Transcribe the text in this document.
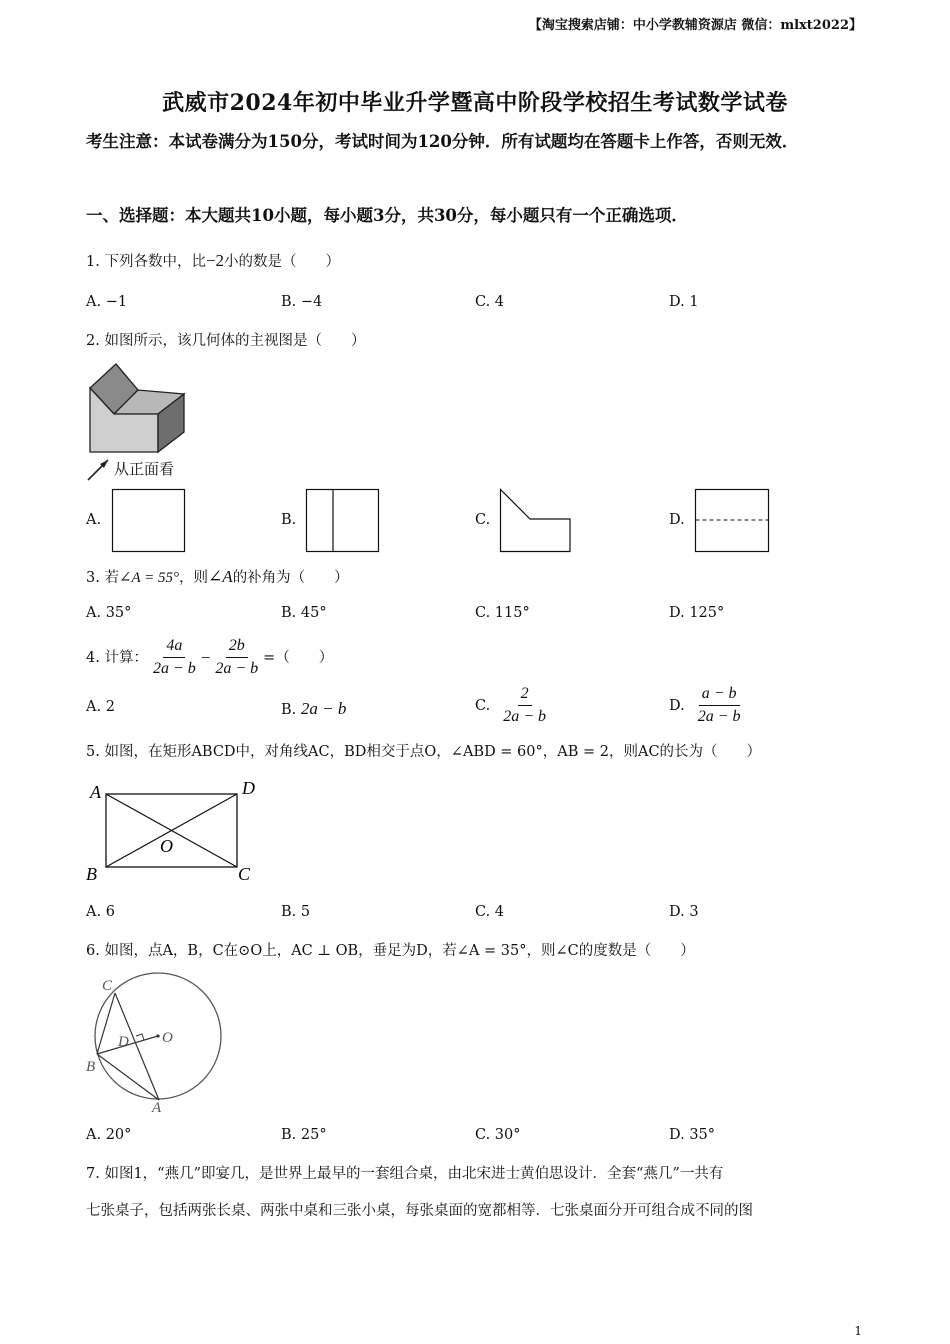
【淘宝搜索店铺：中小学教辅资源店 微信：mlxt2022】
武威市2024年初中毕业升学暨高中阶段学校招生考试数学试卷
考生注意：本试卷满分为150分，考试时间为120分钟．所有试题均在答题卡上作答，否则无效．
一、选择题：本大题共10小题，每小题3分，共30分，每小题只有一个正确选项．
1. 下列各数中，比−2小的数是（　　）
A. −1	B. −4	C. 4	D. 1
2. 如图所示，该几何体的主视图是（　　）
从正面看
A.	B.	C.	D.
3. 若∠A = 55°，则∠A的补角为（　　）
A. 35°	B. 45°	C. 115°	D. 125°
4. 计算： $\frac{4a}{2a - b} - \frac{2b}{2a - b}$ =（　　）
A. 2	B. 2a − b	C. $\frac{2}{2a - b}$	D. $\frac{a - b}{2a - b}$
5. 如图，在矩形ABCD中，对角线AC，BD相交于点O，∠ABD = 60°，AB = 2，则AC的长为（　　）
A	D
B	C
O
A. 6	B. 5	C. 4	D. 3
6. 如图，点A，B，C在⊙O上，AC ⊥ OB，垂足为D，若∠A = 35°，则∠C的度数是（　　）
C
D O
B
A
A. 20°	B. 25°	C. 30°	D. 35°
7. 如图1，“燕几”即宴几，是世界上最早的一套组合桌，由北宋进士黄伯思设计．全套“燕几”一共有
七张桌子，包括两张长桌、两张中桌和三张小桌，每张桌面的宽都相等．七张桌面分开可组合成不同的图
1
